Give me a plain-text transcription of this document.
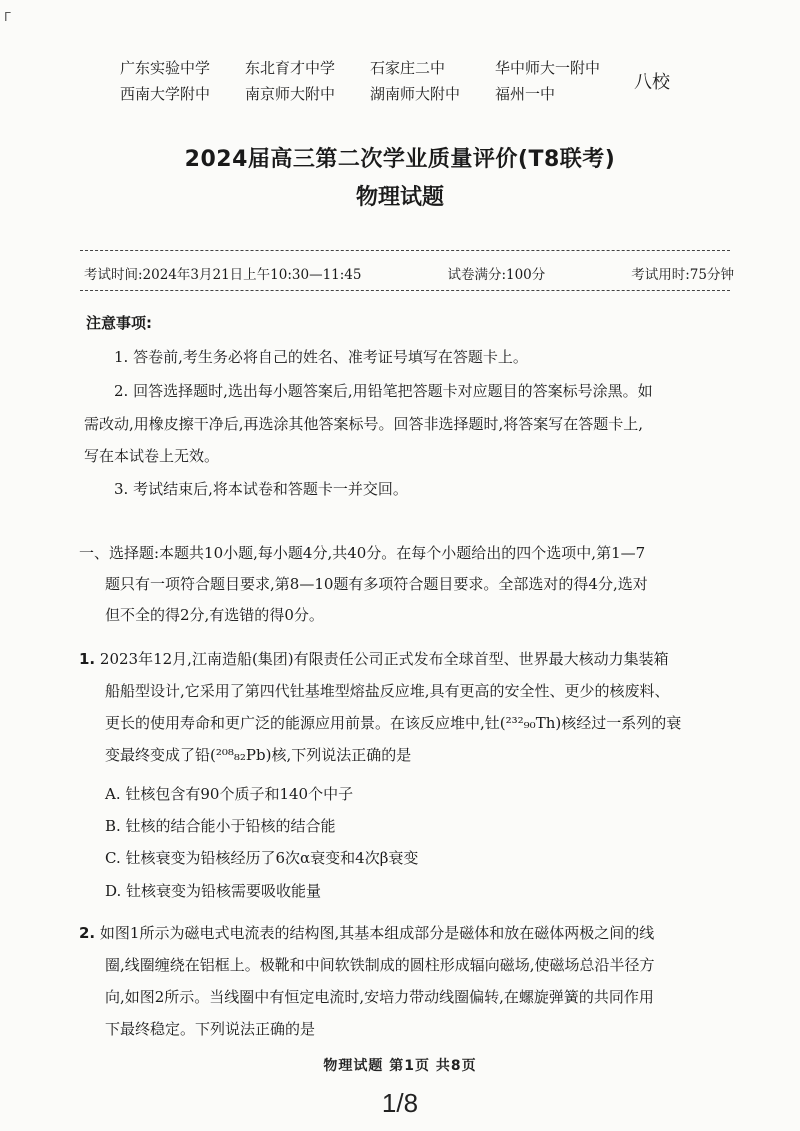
Γ
广东实验中学	东北育才中学	石家庄二中	华中师大一附中
西南大学附中	南京师大附中	湖南师大附中	福州一中
八校
2024届高三第二次学业质量评价(T8联考)
物理试题
考试时间:2024年3月21日上午10:30—11:45	试卷满分:100分	考试用时:75分钟
注意事项:
1. 答卷前,考生务必将自己的姓名、准考证号填写在答题卡上。
2. 回答选择题时,选出每小题答案后,用铅笔把答题卡对应题目的答案标号涂黑。如
需改动,用橡皮擦干净后,再选涂其他答案标号。回答非选择题时,将答案写在答题卡上,
写在本试卷上无效。
3. 考试结束后,将本试卷和答题卡一并交回。
一、选择题:本题共10小题,每小题4分,共40分。在每个小题给出的四个选项中,第1—7
题只有一项符合题目要求,第8—10题有多项符合题目要求。全部选对的得4分,选对
但不全的得2分,有选错的得0分。
1. 2023年12月,江南造船(集团)有限责任公司正式发布全球首型、世界最大核动力集装箱
船船型设计,它采用了第四代钍基堆型熔盐反应堆,具有更高的安全性、更少的核废料、
更长的使用寿命和更广泛的能源应用前景。在该反应堆中,钍(²³²₉₀Th)核经过一系列的衰
变最终变成了铅(²⁰⁸₈₂Pb)核,下列说法正确的是
A. 钍核包含有90个质子和140个中子
B. 钍核的结合能小于铅核的结合能
C. 钍核衰变为铅核经历了6次α衰变和4次β衰变
D. 钍核衰变为铅核需要吸收能量
2. 如图1所示为磁电式电流表的结构图,其基本组成部分是磁体和放在磁体两极之间的线
圈,线圈缠绕在铝框上。极靴和中间软铁制成的圆柱形成辐向磁场,使磁场总沿半径方
向,如图2所示。当线圈中有恒定电流时,安培力带动线圈偏转,在螺旋弹簧的共同作用
下最终稳定。下列说法正确的是
物理试题 第1页 共8页
1/8
